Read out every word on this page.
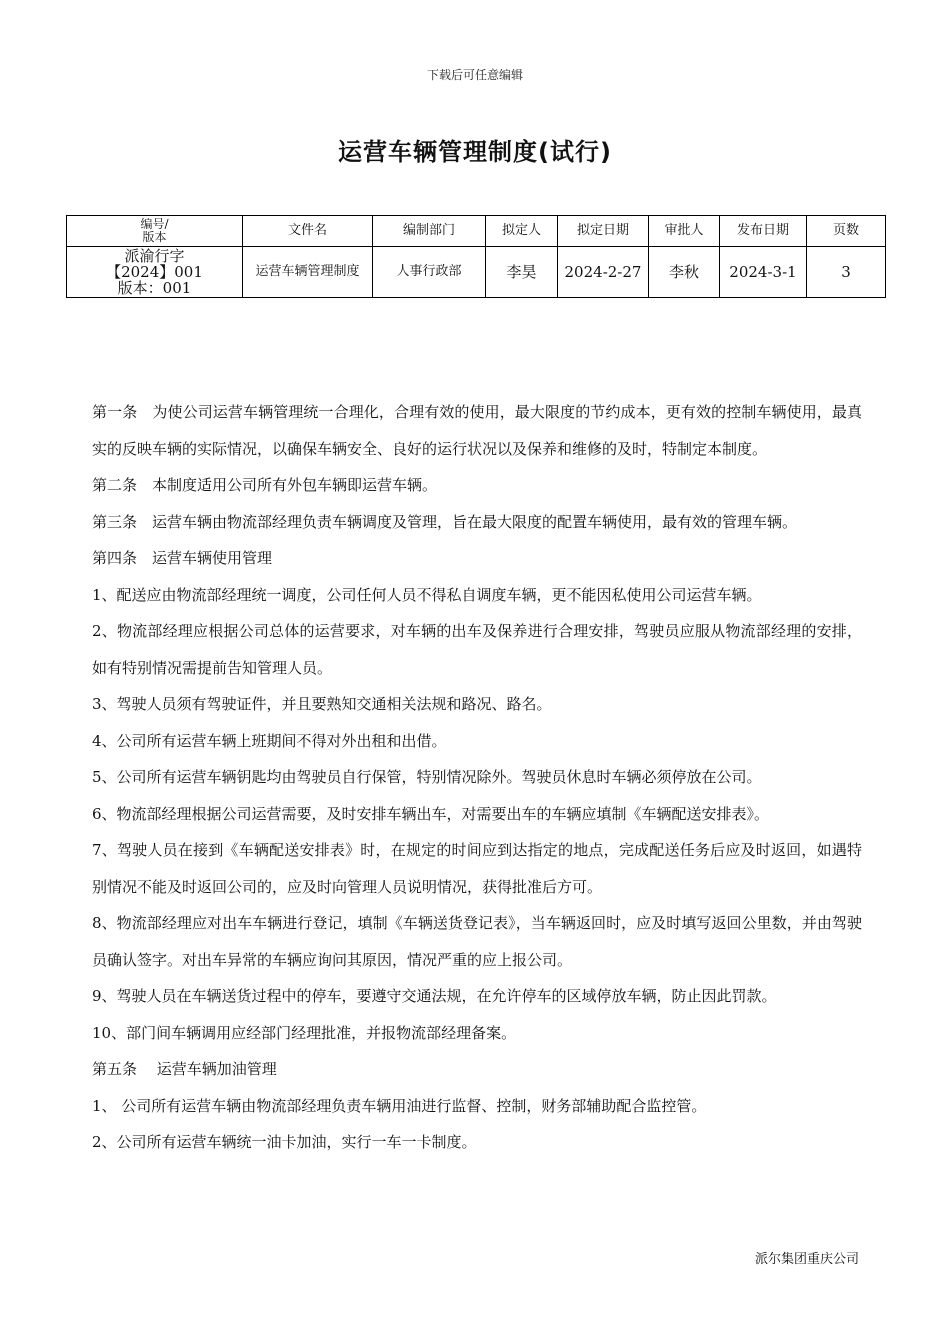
下载后可任意编辑
运营车辆管理制度(试行)
编号/
版本	文件名	编制部门	拟定人	拟定日期	审批人	发布日期	页数

派渝行字
【2024】001
版本：001	运营车辆管理制度	人事行政部	李昊	2024-2-27	李秋	2024-3-1	3

第一条　为使公司运营车辆管理统一合理化，合理有效的使用，最大限度的节约成本，更有效的控制车辆使用，最真实的反映车辆的实际情况，以确保车辆安全、良好的运行状况以及保养和维修的及时，特制定本制度。

第二条　本制度适用公司所有外包车辆即运营车辆。

第三条　运营车辆由物流部经理负责车辆调度及管理，旨在最大限度的配置车辆使用，最有效的管理车辆。

第四条　运营车辆使用管理

1、配送应由物流部经理统一调度，公司任何人员不得私自调度车辆，更不能因私使用公司运营车辆。

2、物流部经理应根据公司总体的运营要求，对车辆的出车及保养进行合理安排，驾驶员应服从物流部经理的安排，如有特别情况需提前告知管理人员。

3、驾驶人员须有驾驶证件，并且要熟知交通相关法规和路况、路名。

4、公司所有运营车辆上班期间不得对外出租和出借。

5、公司所有运营车辆钥匙均由驾驶员自行保管，特别情况除外。驾驶员休息时车辆必须停放在公司。

6、物流部经理根据公司运营需要，及时安排车辆出车，对需要出车的车辆应填制《车辆配送安排表》。

7、驾驶人员在接到《车辆配送安排表》时，在规定的时间应到达指定的地点，完成配送任务后应及时返回，如遇特别情况不能及时返回公司的，应及时向管理人员说明情况，获得批准后方可。

8、物流部经理应对出车车辆进行登记，填制《车辆送货登记表》，当车辆返回时，应及时填写返回公里数，并由驾驶员确认签字。对出车异常的车辆应询问其原因，情况严重的应上报公司。

9、驾驶人员在车辆送货过程中的停车，要遵守交通法规，在允许停车的区域停放车辆，防止因此罚款。

10、部门间车辆调用应经部门经理批准，并报物流部经理备案。

第五条　 运营车辆加油管理

1、 公司所有运营车辆由物流部经理负责车辆用油进行监督、控制，财务部辅助配合监控管。

2、公司所有运营车辆统一油卡加油，实行一车一卡制度。

派尔集团重庆公司
